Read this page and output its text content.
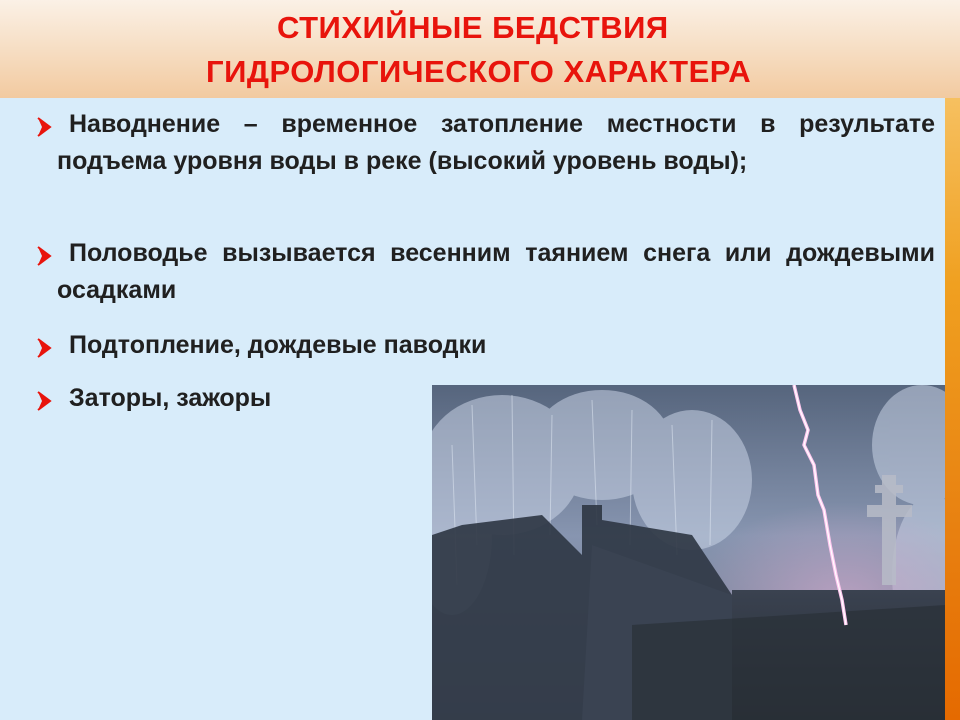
СТИХИЙНЫЕ БЕДСТВИЯ
ГИДРОЛОГИЧЕСКОГО ХАРАКТЕРА
Наводнение – временное затопление местности в результате подъема уровня воды в реке (высокий уровень воды);
Половодье вызывается весенним таянием снега или дождевыми осадками
Подтопление, дождевые паводки
Заторы, зажоры
